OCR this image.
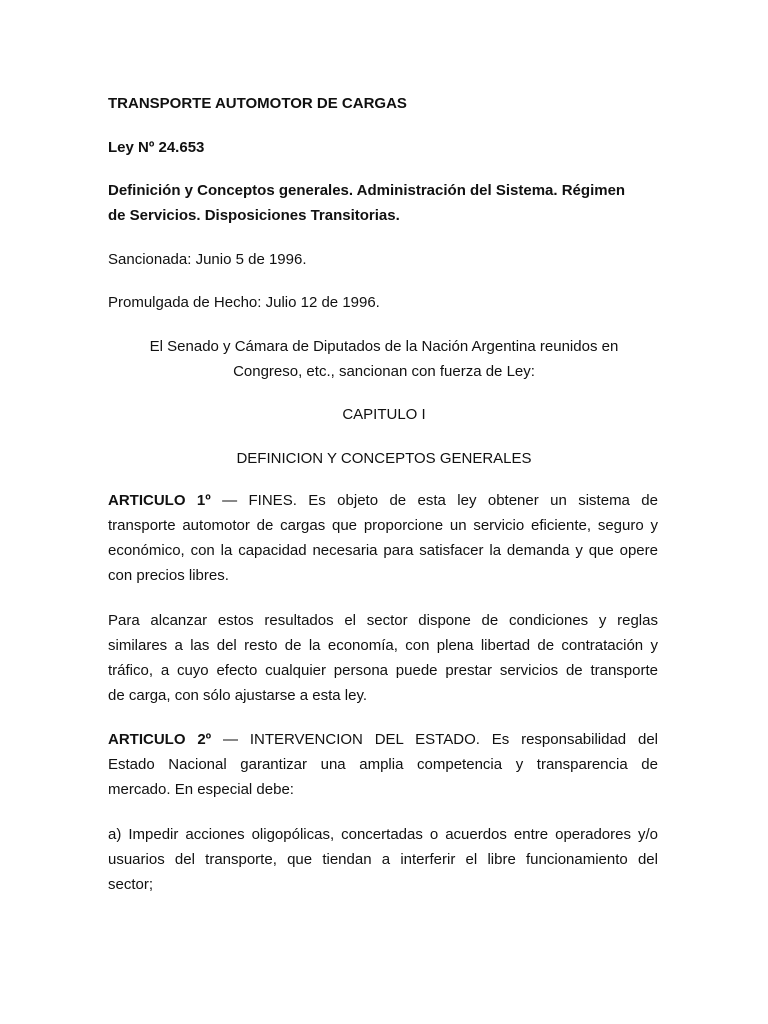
TRANSPORTE AUTOMOTOR DE CARGAS
Ley Nº 24.653
Definición y Conceptos generales. Administración del Sistema. Régimen
de Servicios. Disposiciones Transitorias.
Sancionada: Junio 5 de 1996.
Promulgada de Hecho: Julio 12 de 1996.
El Senado y Cámara de Diputados de la Nación Argentina reunidos en
Congreso, etc., sancionan con fuerza de Ley:
CAPITULO I
DEFINICION Y CONCEPTOS GENERALES
ARTICULO 1º — FINES. Es objeto de esta ley obtener un sistema de
transporte automotor de cargas que proporcione un servicio eficiente, seguro y
económico, con la capacidad necesaria para satisfacer la demanda y que opere
con precios libres.
Para alcanzar estos resultados el sector dispone de condiciones y reglas
similares a las del resto de la economía, con plena libertad de contratación y
tráfico, a cuyo efecto cualquier persona puede prestar servicios de transporte
de carga, con sólo ajustarse a esta ley.
ARTICULO 2º — INTERVENCION DEL ESTADO. Es responsabilidad del
Estado Nacional garantizar una amplia competencia y transparencia de
mercado. En especial debe:
a) Impedir acciones oligopólicas, concertadas o acuerdos entre operadores y/o
usuarios del transporte, que tiendan a interferir el libre funcionamiento del
sector;
